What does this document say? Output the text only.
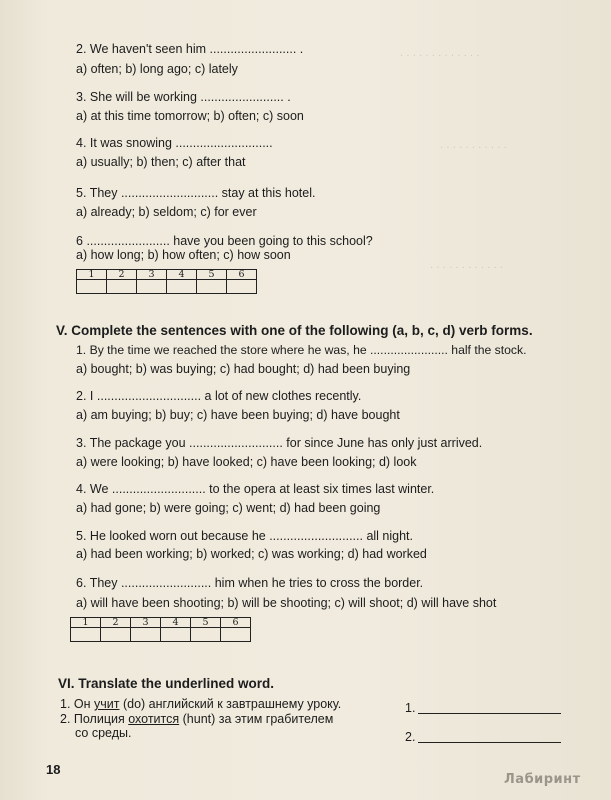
. . . . . . . . . . . . .
. . . . . . . . . . .
. . . . . . . . . . . .
2. We haven't seen him ......................... .
a) often; b) long ago; c) lately
3. She will be working ........................ .
a) at this time tomorrow; b) often; c) soon
4. It was snowing ............................
a) usually; b) then; c) after that
5. They ............................ stay at this hotel.
a) already; b) seldom; c) for ever
6 ........................ have you been going to this school?
a) how long; b) how often; c) how soon
1	2	3	4	5	6

V. Complete the sentences with one of the following (a, b, c, d) verb forms.
1. By the time we reached the store where he was, he ....................... half the stock.
a) bought; b) was buying; c) had bought; d) had been buying
2. I .............................. a lot of new clothes recently.
a) am buying; b) buy; c) have been buying; d) have bought
3. The package you ........................... for since June has only just arrived.
a) were looking; b) have looked; c) have been looking; d) look
4. We ........................... to the opera at least six times last winter.
a) had gone; b) were going; c) went; d) had been going
5. He looked worn out because he ........................... all night.
a) had been working; b) worked; c) was working; d) had worked
6. They .......................... him when he tries to cross the border.
a) will have been shooting; b) will be shooting; c) will shoot; d) will have shot
1	2	3	4	5	6

VI. Translate the underlined word.
1. Он учит (do) английский к завтрашнему уроку.
2. Полиция охотится (hunt) за этим грабителем
со среды.
1.
2.
18
Лабиринт
